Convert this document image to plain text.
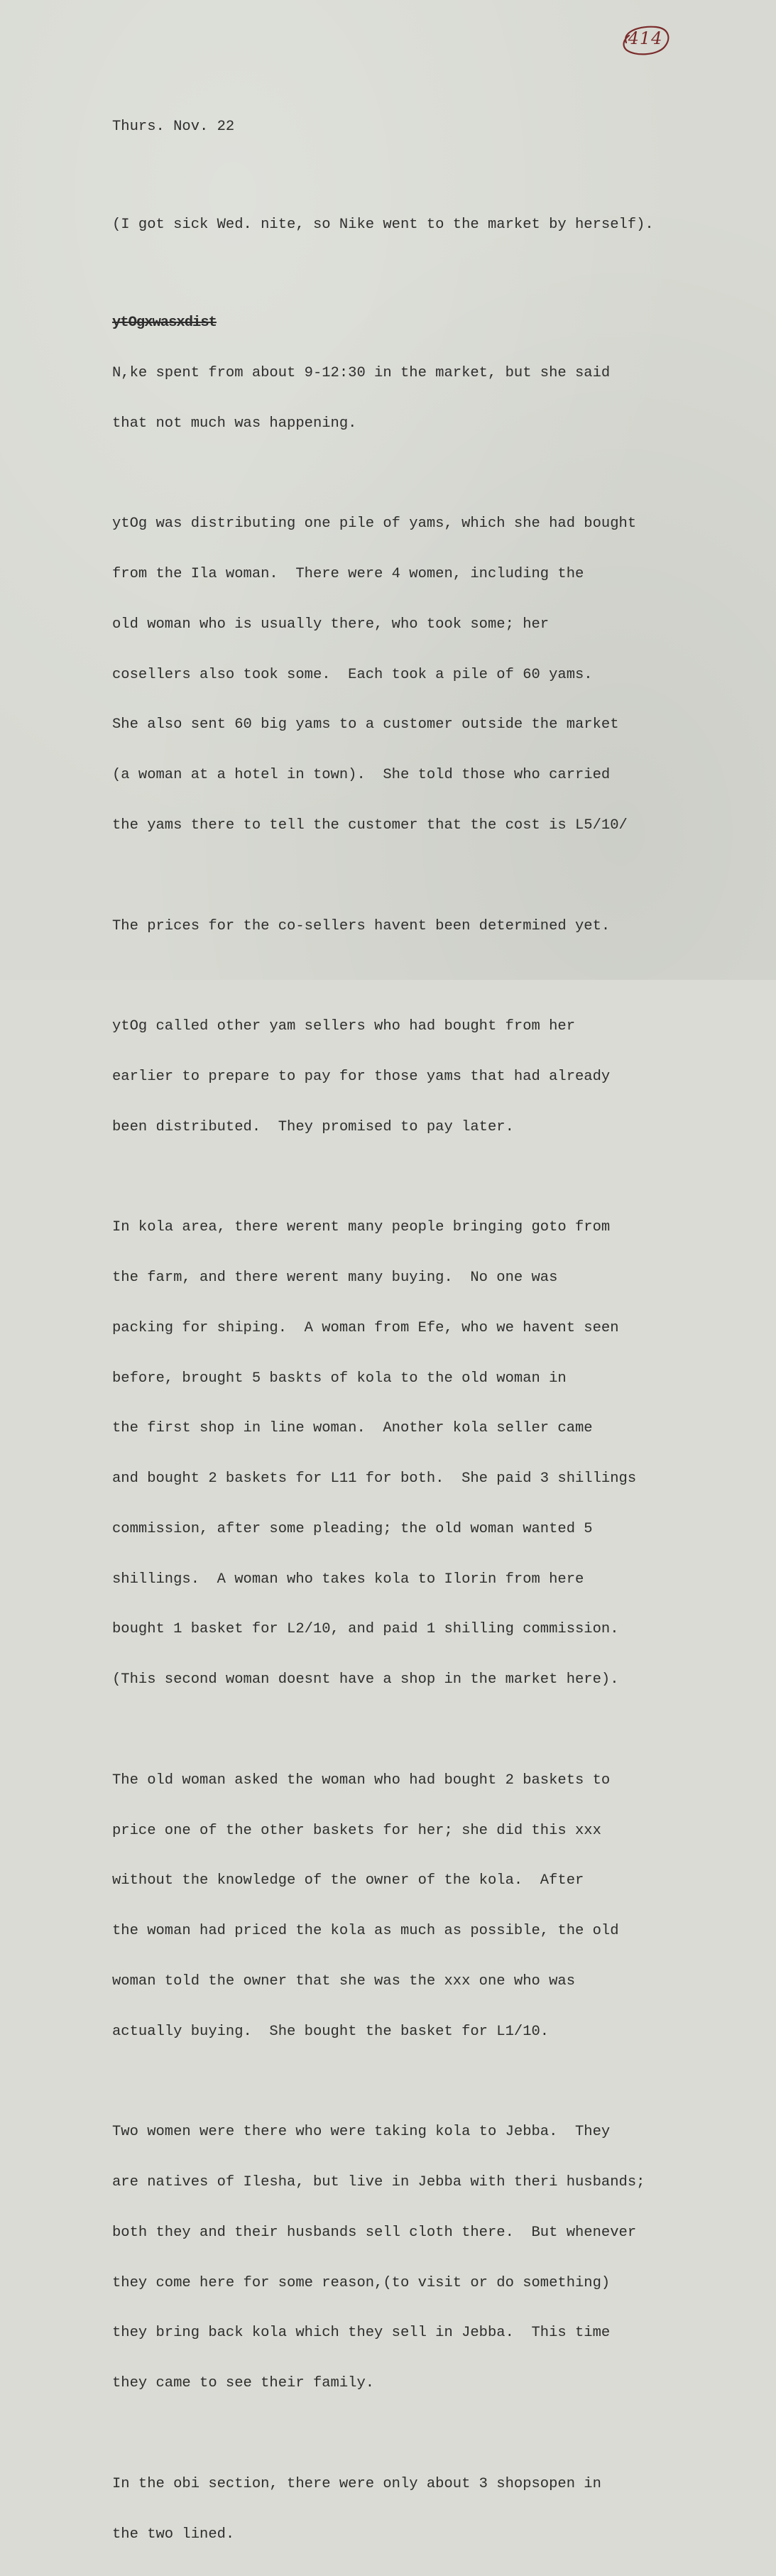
414

Thurs. Nov. 22

(I got sick Wed. nite, so Nike went to the market by herself).

ytOgxwasxdist

N,ke spent from about 9-12:30 in the market, but she said

that not much was happening.

ytOg was distributing one pile of yams, which she had bought

from the Ila woman.  There were 4 women, including the

old woman who is usually there, who took some; her

cosellers also took some.  Each took a pile of 60 yams.

She also sent 60 big yams to a customer outside the market

(a woman at a hotel in town).  She told those who carried

the yams there to tell the customer that the cost is L5/10/

The prices for the co-sellers havent been determined yet.

ytOg called other yam sellers who had bought from her

earlier to prepare to pay for those yams that had already

been distributed.  They promised to pay later.

In kola area, there werent many people bringing goto from

the farm, and there werent many buying.  No one was

packing for shiping.  A woman from Efe, who we havent seen

before, brought 5 baskts of kola to the old woman in

the first shop in line woman.  Another kola seller came

and bought 2 baskets for L11 for both.  She paid 3 shillings

commission, after some pleading; the old woman wanted 5

shillings.  A woman who takes kola to Ilorin from here

bought 1 basket for L2/10, and paid 1 shilling commission.

(This second woman doesnt have a shop in the market here).

The old woman asked the woman who had bought 2 baskets to

price one of the other baskets for her; she did this xxx

without the knowledge of the owner of the kola.  After

the woman had priced the kola as much as possible, the old

woman told the owner that she was the xxx one who was

actually buying.  She bought the basket for L1/10.

Two women were there who were taking kola to Jebba.  They

are natives of Ilesha, but live in Jebba with theri husbands;

both they and their husbands sell cloth there.  But whenever

they come here for some reason,(to visit or do something)

they bring back kola which they sell in Jebba.  This time

they came to see their family.

In the obi section, there were only about 3 shopsopen in

the two lined.
